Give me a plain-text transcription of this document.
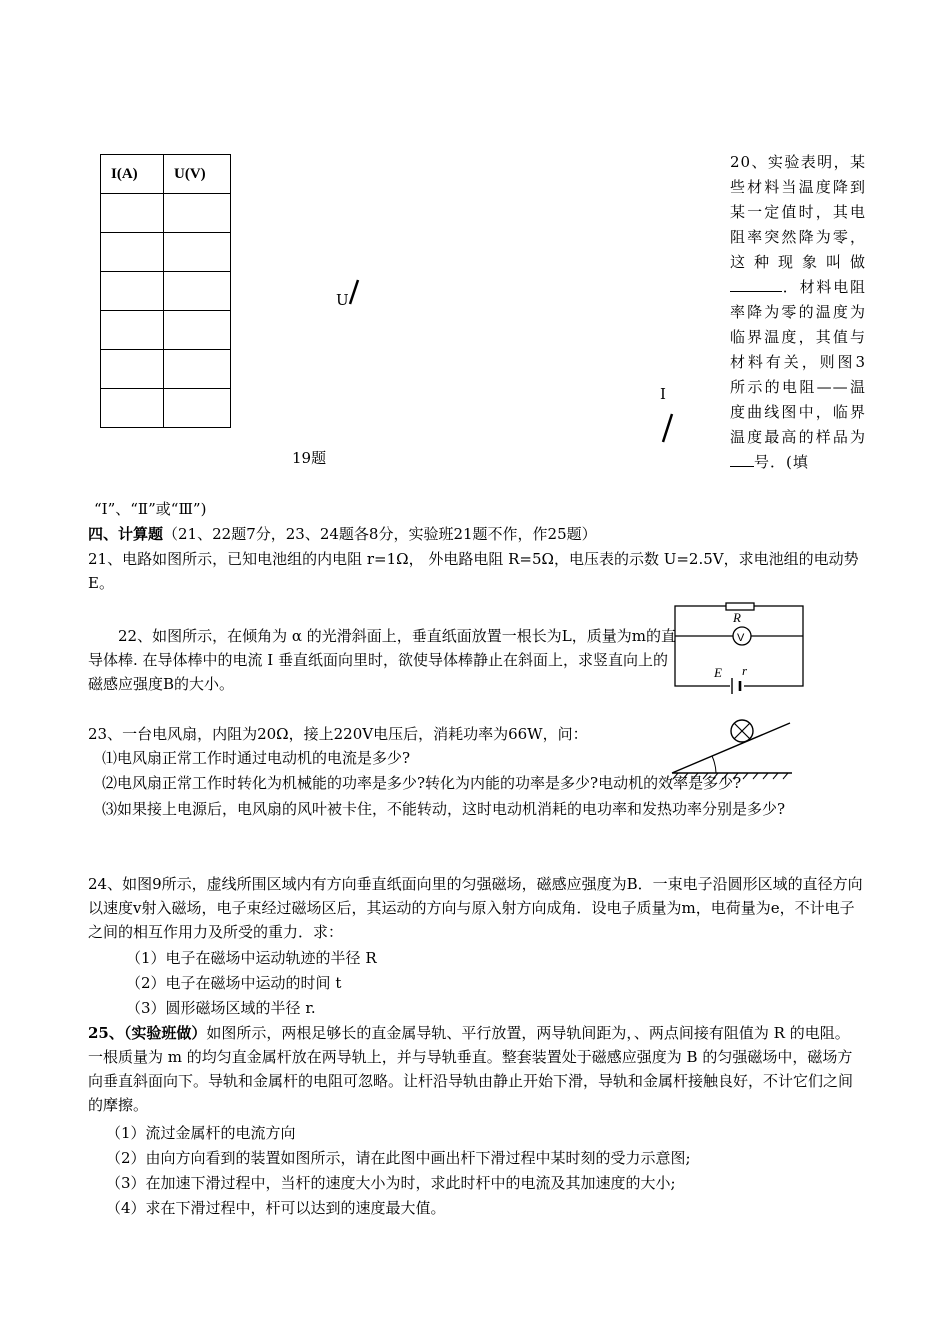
I(A)	U(V)

U
I
19题
20、实验表明，某些材料当温度降到某一定值时，其电阻率突然降为零，这种现象叫做．材料电阻率降为零的温度为临界温度，其值与材料有关，则图3所示的电阻——温度曲线图中，临界温度最高的样品为号．(填
“I”、“Ⅱ”或“Ⅲ”)
四、计算题（21、22题7分，23、24题各8分，实验班21题不作，作25题）
21、电路如图所示，已知电池组的内电阻 r=1Ω， 外电路电阻 R=5Ω，电压表的示数 U=2.5V，求电池组的电动势 E。
R
V
E r
22、如图所示，在倾角为 α 的光滑斜面上，垂直纸面放置一根长为L，质量为m的直导体棒. 在导体棒中的电流 I 垂直纸面向里时，欲使导体棒静止在斜面上，求竖直向上的磁感应强度B的大小。
23、一台电风扇，内阻为20Ω，接上220V电压后，消耗功率为66W，问：
⑴电风扇正常工作时通过电动机的电流是多少?
⑵电风扇正常工作时转化为机械能的功率是多少?转化为内能的功率是多少?电动机的效率是多少?
⑶如果接上电源后，电风扇的风叶被卡住，不能转动，这时电动机消耗的电功率和发热功率分别是多少?
24、如图9所示，虚线所围区域内有方向垂直纸面向里的匀强磁场，磁感应强度为B．一束电子沿圆形区域的直径方向以速度v射入磁场，电子束经过磁场区后，其运动的方向与原入射方向成角．设电子质量为m，电荷量为e，不计电子之间的相互作用力及所受的重力．求：
（1）电子在磁场中运动轨迹的半径 R
（2）电子在磁场中运动的时间 t
（3）圆形磁场区域的半径 r.
25、（实验班做）如图所示，两根足够长的直金属导轨、平行放置，两导轨间距为，、两点间接有阻值为 R 的电阻。一根质量为 m 的均匀直金属杆放在两导轨上，并与导轨垂直。整套装置处于磁感应强度为 B 的匀强磁场中，磁场方向垂直斜面向下。导轨和金属杆的电阻可忽略。让杆沿导轨由静止开始下滑，导轨和金属杆接触良好，不计它们之间的摩擦。
（1）流过金属杆的电流方向
（2）由向方向看到的装置如图所示，请在此图中画出杆下滑过程中某时刻的受力示意图;
（3）在加速下滑过程中，当杆的速度大小为时，求此时杆中的电流及其加速度的大小;
（4）求在下滑过程中，杆可以达到的速度最大值。
